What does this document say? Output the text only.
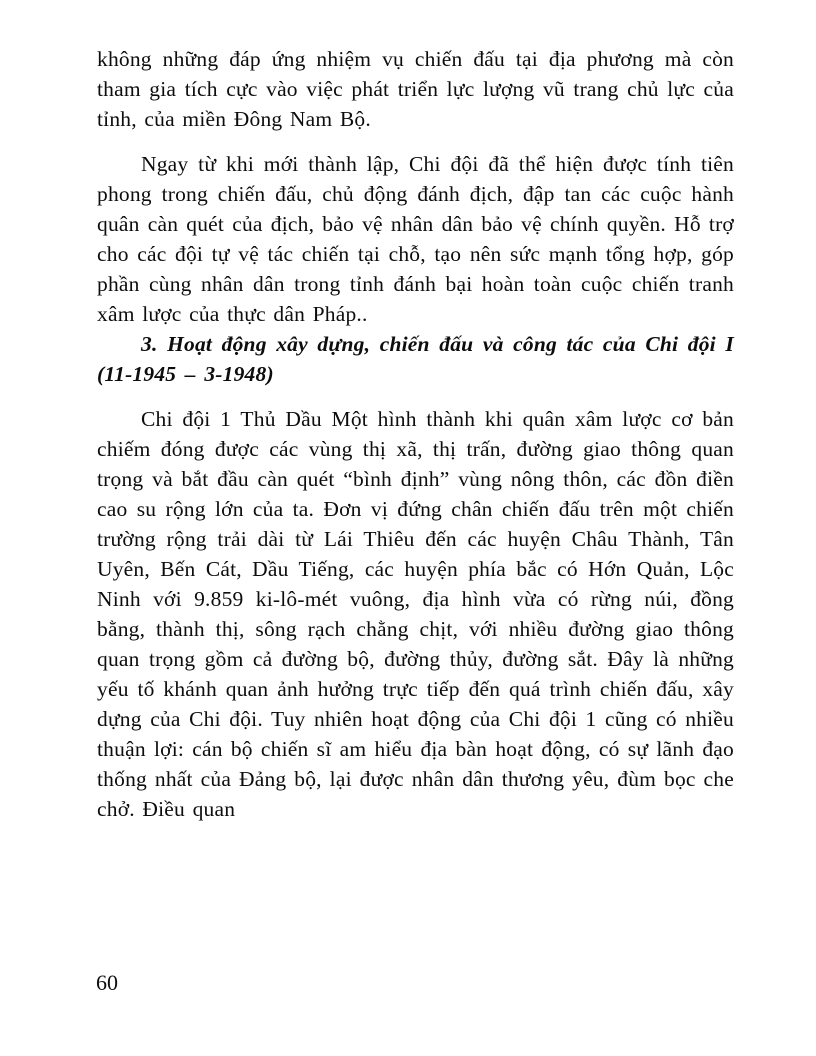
không những đáp ứng nhiệm vụ chiến đấu tại địa phương mà còn tham gia tích cực vào việc phát triển lực lượng vũ trang chủ lực của tỉnh, của miền Đông Nam Bộ.

Ngay từ khi mới thành lập, Chi đội đã thể hiện được tính tiên phong trong chiến đấu, chủ động đánh địch, đập tan các cuộc hành quân càn quét của địch, bảo vệ nhân dân bảo vệ chính quyền. Hỗ trợ cho các đội tự vệ tác chiến tại chỗ, tạo nên sức mạnh tổng hợp, góp phần cùng nhân dân trong tỉnh đánh bại hoàn toàn cuộc chiến tranh xâm lược của thực dân Pháp..

3. Hoạt động xây dựng, chiến đấu và công tác của Chi đội I (11-1945 – 3-1948)

Chi đội 1 Thủ Dầu Một hình thành khi quân xâm lược cơ bản chiếm đóng được các vùng thị xã, thị trấn, đường giao thông quan trọng và bắt đầu càn quét “bình định” vùng nông thôn, các đồn điền cao su rộng lớn của ta. Đơn vị đứng chân chiến đấu trên một chiến trường rộng trải dài từ Lái Thiêu đến các huyện Châu Thành, Tân Uyên, Bến Cát, Dầu Tiếng, các huyện phía bắc có Hớn Quản, Lộc Ninh với 9.859 ki-lô-mét vuông, địa hình vừa có rừng núi, đồng bằng, thành thị, sông rạch chằng chịt, với nhiều đường giao thông quan trọng gồm cả đường bộ, đường thủy, đường sắt. Đây là những yếu tố khánh quan ảnh hưởng trực tiếp đến quá trình chiến đấu, xây dựng của Chi đội. Tuy nhiên hoạt động của Chi đội 1 cũng có nhiều thuận lợi: cán bộ chiến sĩ am hiểu địa bàn hoạt động, có sự lãnh đạo thống nhất của Đảng bộ, lại được nhân dân thương yêu, đùm bọc che chở. Điều quan

60
